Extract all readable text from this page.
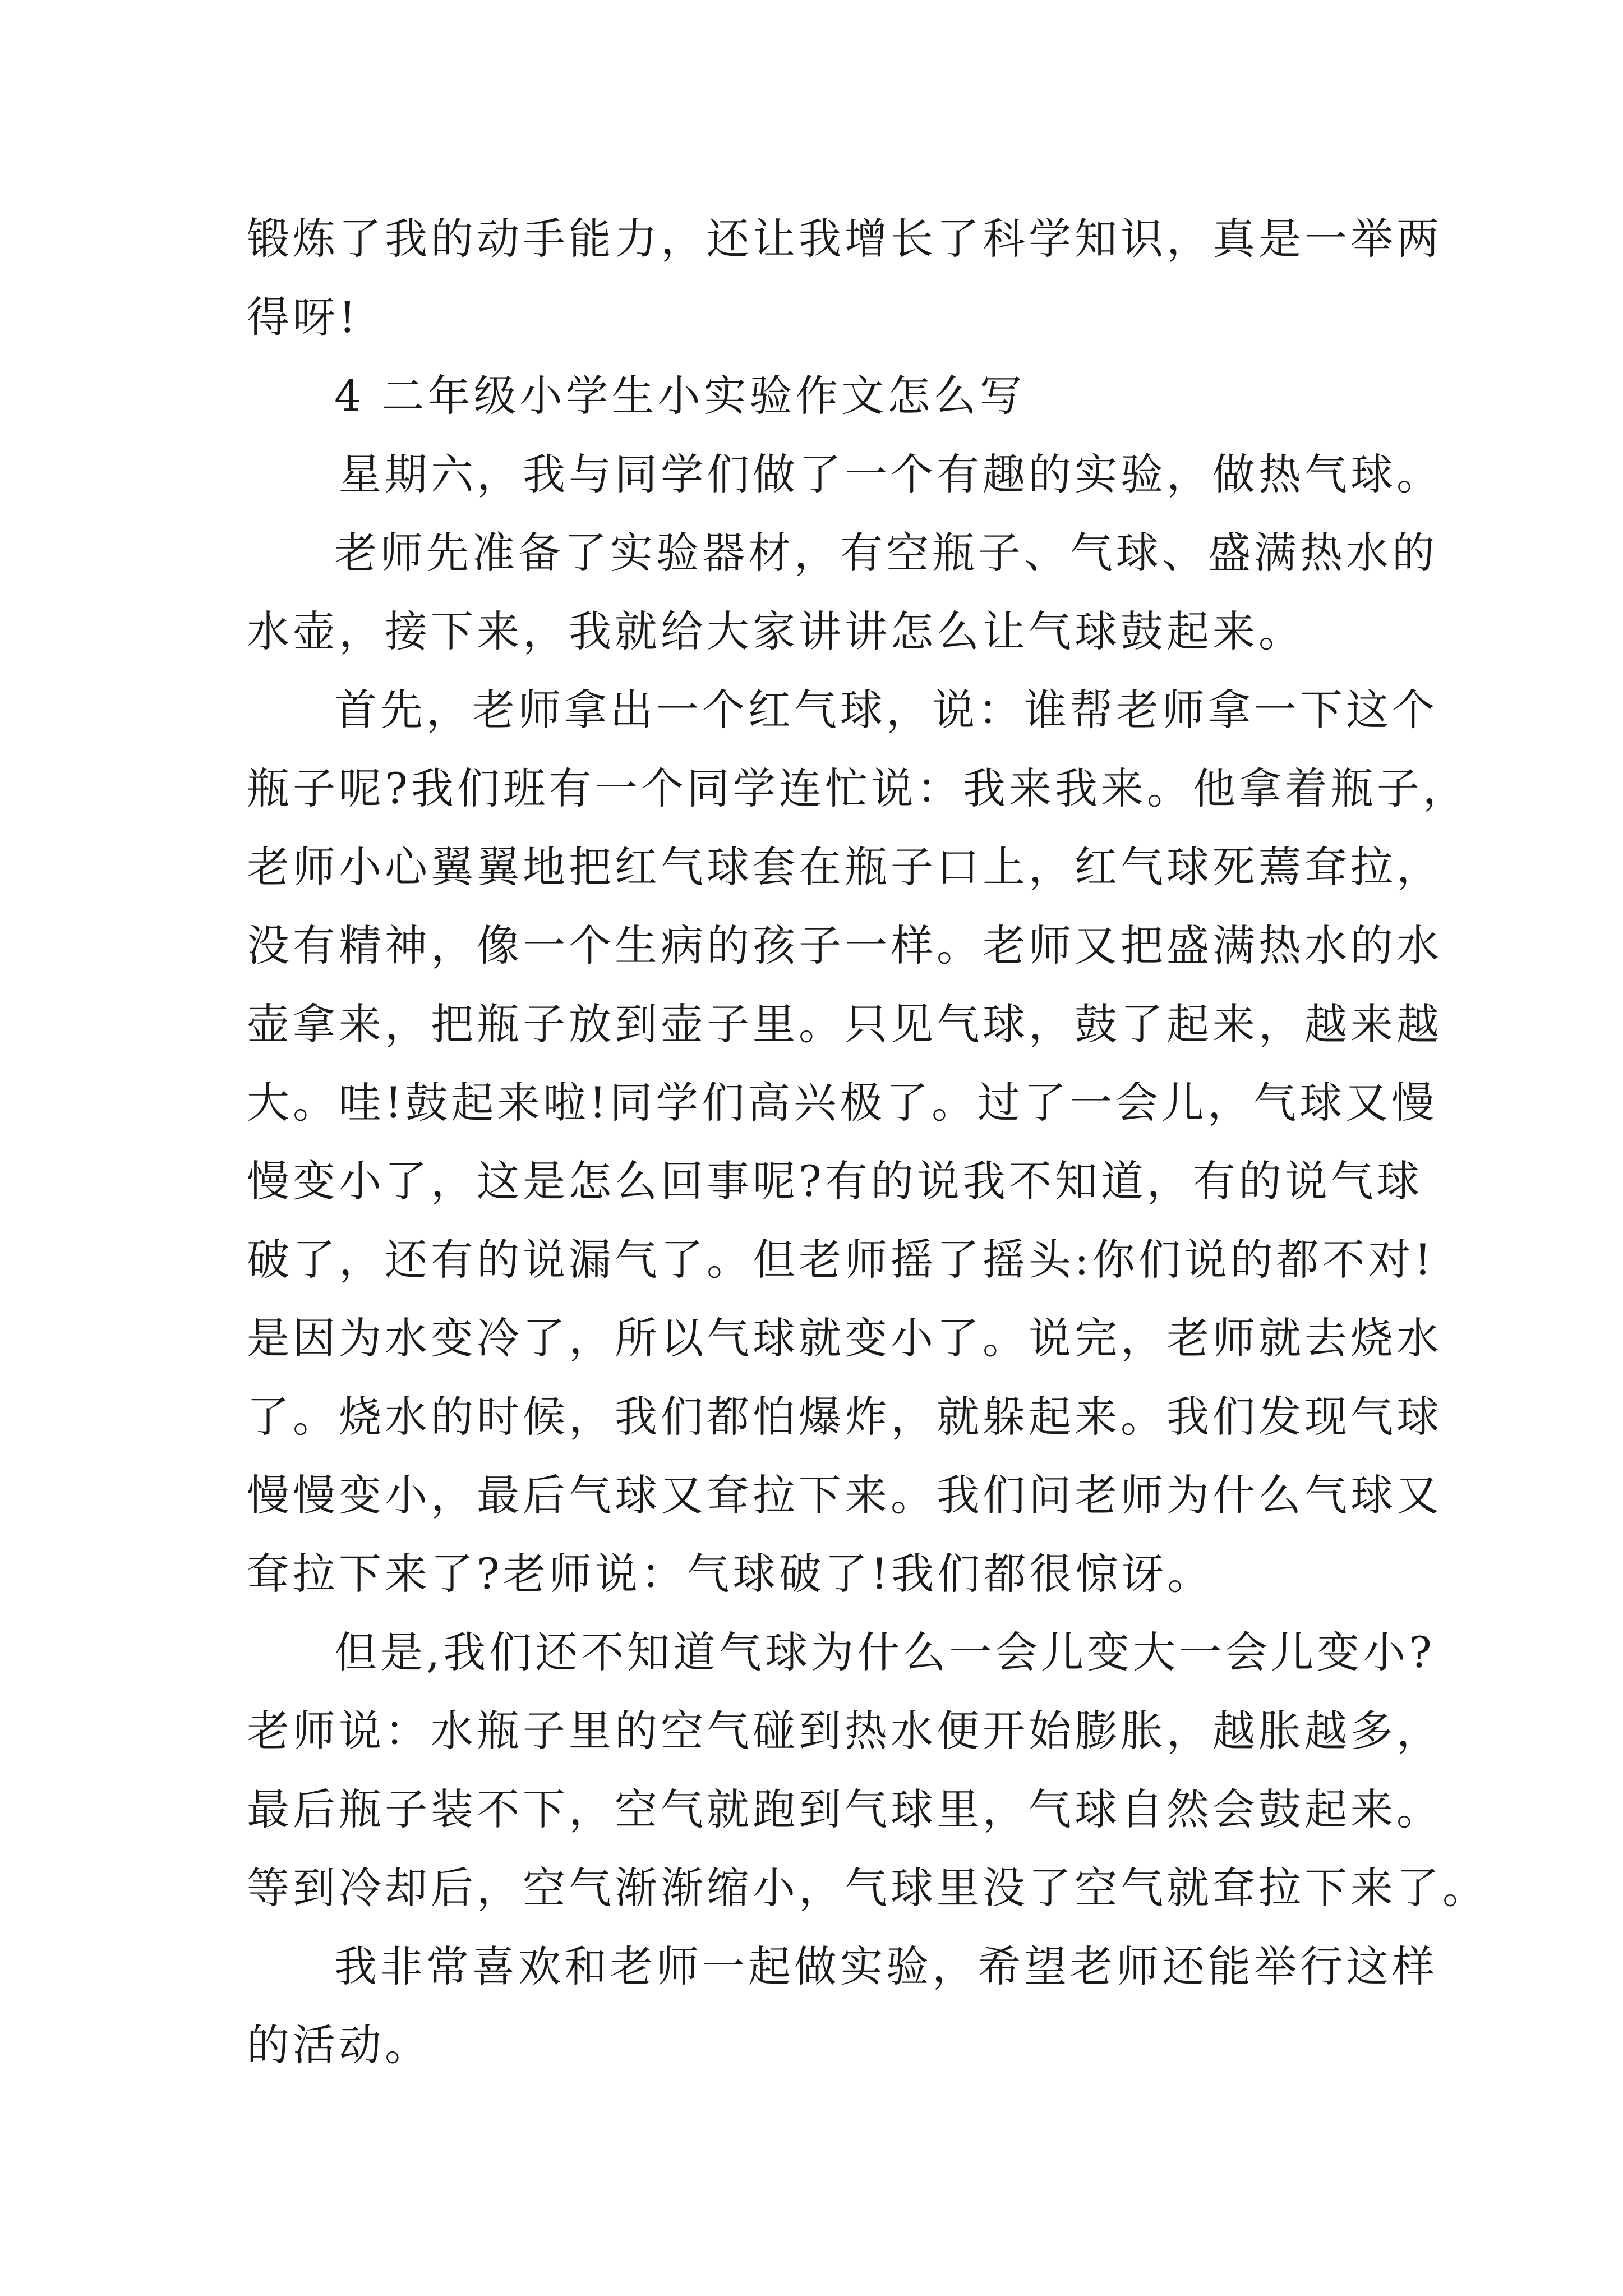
锻炼了我的动手能力，还让我增长了科学知识，真是一举两
得呀!
4 二年级小学生小实验作文怎么写
星期六，我与同学们做了一个有趣的实验，做热气球。
老师先准备了实验器材，有空瓶子、气球、盛满热水的
水壶，接下来，我就给大家讲讲怎么让气球鼓起来。
首先，老师拿出一个红气球，说：谁帮老师拿一下这个
瓶子呢?我们班有一个同学连忙说：我来我来。他拿着瓶子，
老师小心翼翼地把红气球套在瓶子口上，红气球死蔫耷拉，
没有精神，像一个生病的孩子一样。老师又把盛满热水的水
壶拿来，把瓶子放到壶子里。只见气球，鼓了起来，越来越
大。哇!鼓起来啦!同学们高兴极了。过了一会儿，气球又慢
慢变小了，这是怎么回事呢?有的说我不知道，有的说气球
破了，还有的说漏气了。但老师摇了摇头:你们说的都不对!
是因为水变冷了，所以气球就变小了。说完，老师就去烧水
了。烧水的时候，我们都怕爆炸，就躲起来。我们发现气球
慢慢变小，最后气球又耷拉下来。我们问老师为什么气球又
耷拉下来了?老师说：气球破了!我们都很惊讶。
但是,我们还不知道气球为什么一会儿变大一会儿变小?
老师说：水瓶子里的空气碰到热水便开始膨胀，越胀越多，
最后瓶子装不下，空气就跑到气球里，气球自然会鼓起来。
等到冷却后，空气渐渐缩小，气球里没了空气就耷拉下来了。
我非常喜欢和老师一起做实验，希望老师还能举行这样
的活动。
